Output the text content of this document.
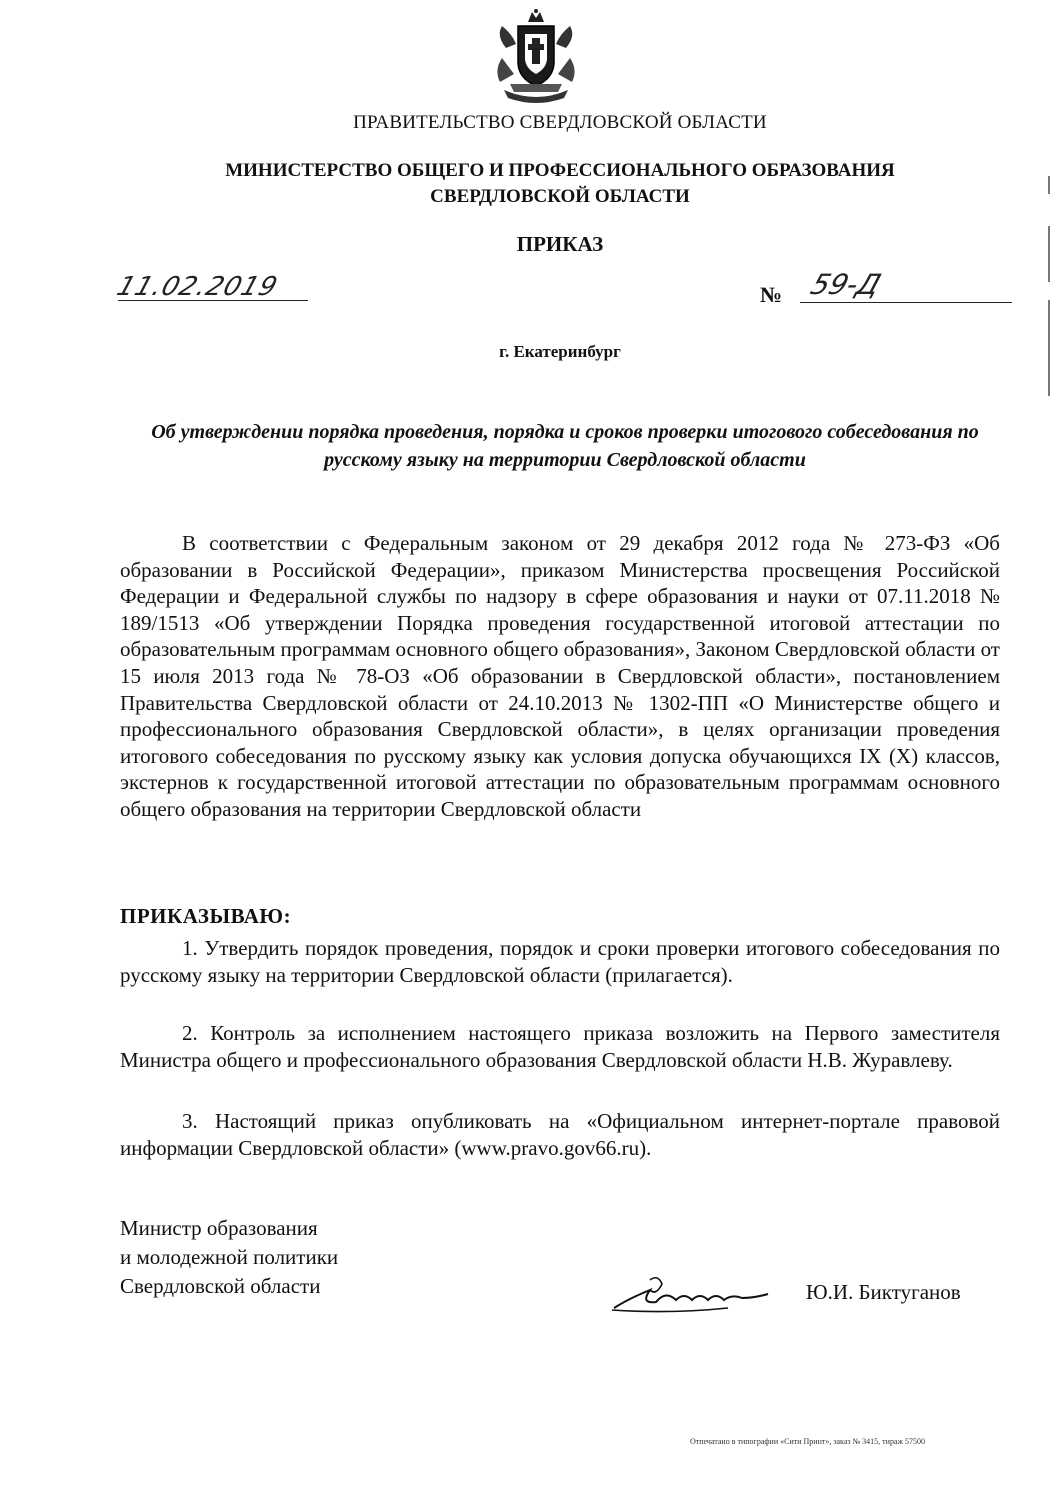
ПРАВИТЕЛЬСТВО СВЕРДЛОВСКОЙ ОБЛАСТИ
МИНИСТЕРСТВО ОБЩЕГО И ПРОФЕССИОНАЛЬНОГО ОБРАЗОВАНИЯ
СВЕРДЛОВСКОЙ ОБЛАСТИ
ПРИКАЗ
11.02.2019	№ 59-Д
г. Екатеринбург
Об утверждении порядка проведения, порядка и сроков проверки итогового собеседования по русскому языку на территории Свердловской области
В соответствии с Федеральным законом от 29 декабря 2012 года № 273-ФЗ «Об образовании в Российской Федерации», приказом Министерства просвещения Российской Федерации и Федеральной службы по надзору в сфере образования и науки от 07.11.2018 № 189/1513 «Об утверждении Порядка проведения государственной итоговой аттестации по образовательным программам основного общего образования», Законом Свердловской области от 15 июля 2013 года № 78-ОЗ «Об образовании в Свердловской области», постановлением Правительства Свердловской области от 24.10.2013 № 1302-ПП «О Министерстве общего и профессионального образования Свердловской области», в целях организации проведения итогового собеседования по русскому языку как условия допуска обучающихся IX (X) классов, экстернов к государственной итоговой аттестации по образовательным программам основного общего образования на территории Свердловской области
ПРИКАЗЫВАЮ:
1. Утвердить порядок проведения, порядок и сроки проверки итогового собеседования по русскому языку на территории Свердловской области (прилагается).
2. Контроль за исполнением настоящего приказа возложить на Первого заместителя Министра общего и профессионального образования Свердловской области Н.В. Журавлеву.
3. Настоящий приказ опубликовать на «Официальном интернет-портале правовой информации Свердловской области» (www.pravo.gov66.ru).
Министр образования
и молодежной политики
Свердловской области	Ю.И. Биктуганов
Отпечатано в типографии «Сити Принт», заказ № 3415, тираж 57500
